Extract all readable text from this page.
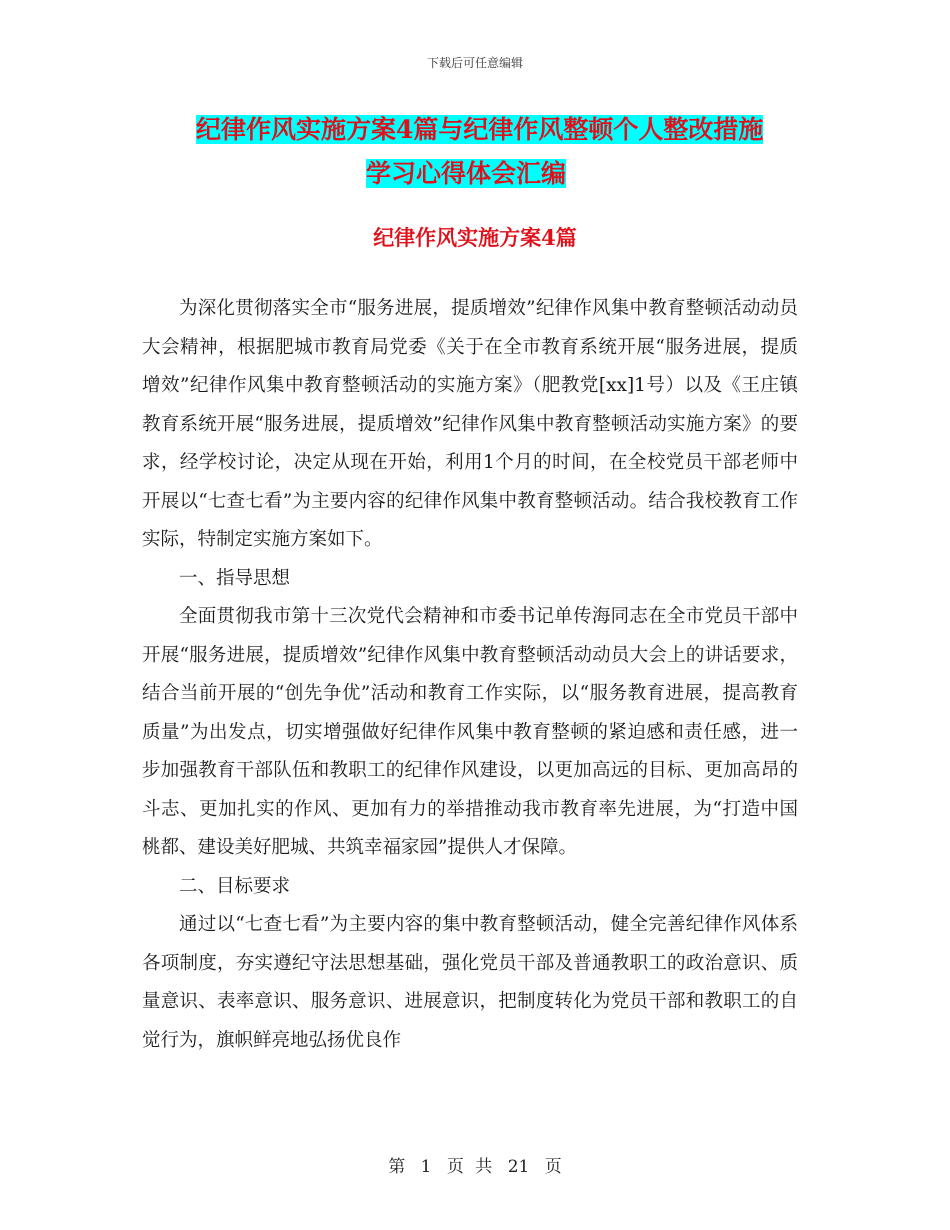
下载后可任意编辑
纪律作风实施方案4篇与纪律作风整顿个人整改措施
学习心得体会汇编
纪律作风实施方案4篇

为深化贯彻落实全市“服务进展，提质增效”纪律作风集中教育整顿活动动员大会精神，根据肥城市教育局党委《关于在全市教育系统开展“服务进展，提质增效”纪律作风集中教育整顿活动的实施方案》（肥教党[xx]1号）以及《王庄镇教育系统开展“服务进展，提质增效”纪律作风集中教育整顿活动实施方案》的要求，经学校讨论，决定从现在开始，利用1个月的时间，在全校党员干部老师中开展以“七查七看”为主要内容的纪律作风集中教育整顿活动。结合我校教育工作实际，特制定实施方案如下。

一、指导思想

全面贯彻我市第十三次党代会精神和市委书记单传海同志在全市党员干部中开展“服务进展，提质增效”纪律作风集中教育整顿活动动员大会上的讲话要求，结合当前开展的“创先争优”活动和教育工作实际，以“服务教育进展，提高教育质量”为出发点，切实增强做好纪律作风集中教育整顿的紧迫感和责任感，进一步加强教育干部队伍和教职工的纪律作风建设，以更加高远的目标、更加高昂的斗志、更加扎实的作风、更加有力的举措推动我市教育率先进展，为“打造中国桃都、建设美好肥城、共筑幸福家园”提供人才保障。

二、目标要求

通过以“七查七看”为主要内容的集中教育整顿活动，健全完善纪律作风体系各项制度，夯实遵纪守法思想基础，强化党员干部及普通教职工的政治意识、质量意识、表率意识、服务意识、进展意识，把制度转化为党员干部和教职工的自觉行为，旗帜鲜亮地弘扬优良作

第 1 页 共 21 页
